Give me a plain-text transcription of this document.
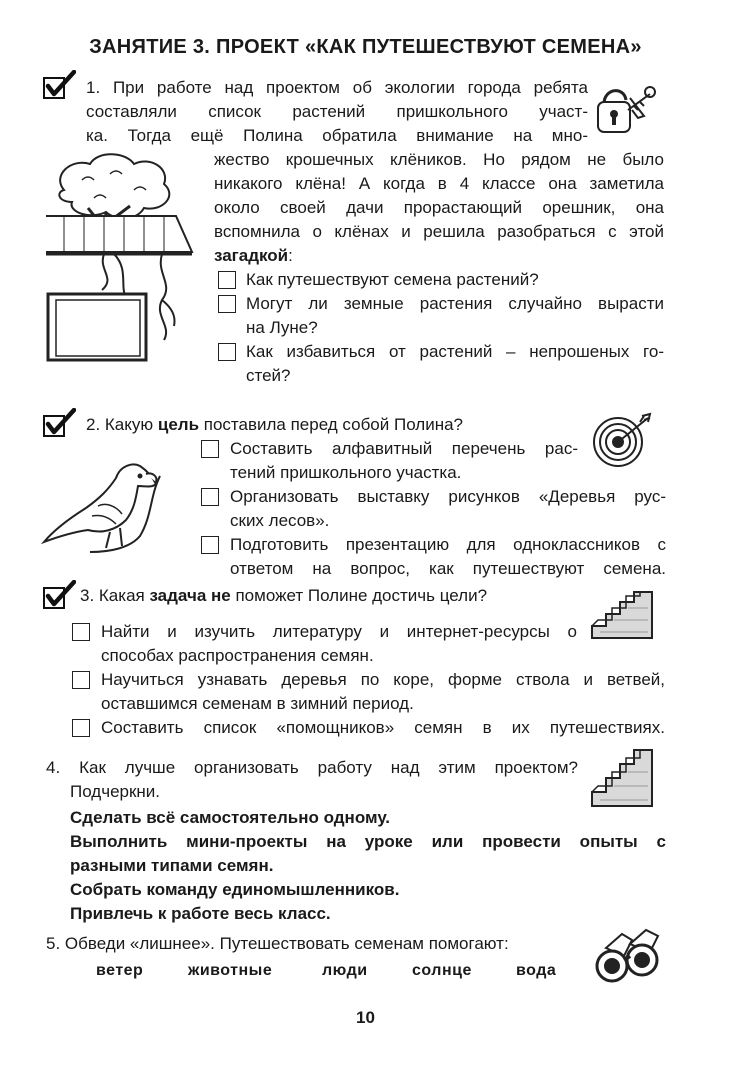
ЗАНЯТИЕ 3. ПРОЕКТ «КАК ПУТЕШЕСТВУЮТ СЕМЕНА»
1. При работе над проектом об экологии города ребята
составляли список растений пришкольного участ-
ка. Тогда ещё Полина обратила внимание на мно-
жество крошечных клёников. Но рядом не было
никакого клёна! А когда в 4 классе она заметила
около своей дачи прорастающий орешник, она
вспомнила о клёнах и решила разобраться с этой
загадкой:
Как путешествуют семена растений?
Могут ли земные растения случайно вырасти
на Луне?
Как избавиться от растений – непрошеных го-
стей?
2. Какую цель поставила перед собой Полина?
Составить алфавитный перечень рас-
тений пришкольного участка.
Организовать выставку рисунков «Деревья рус-
ских лесов».
Подготовить презентацию для одноклассников с
ответом на вопрос, как путешествуют семена.
3. Какая задача не поможет Полине достичь цели?
Найти и изучить литературу и интернет-ресурсы о
способах распространения семян.
Научиться узнавать деревья по коре, форме ствола и ветвей,
оставшимся семенам в зимний период.
Составить список «помощников» семян в их путешествиях.
4. Как лучше организовать работу над этим проектом?
Подчеркни.
Сделать всё самостоятельно одному.
Выполнить мини-проекты на уроке или провести опыты с
разными типами семян.
Собрать команду единомышленников.
Привлечь к работе весь класс.
5. Обведи «лишнее». Путешествовать семенам помогают:
ветер	животные	люди	солнце	вода
10
